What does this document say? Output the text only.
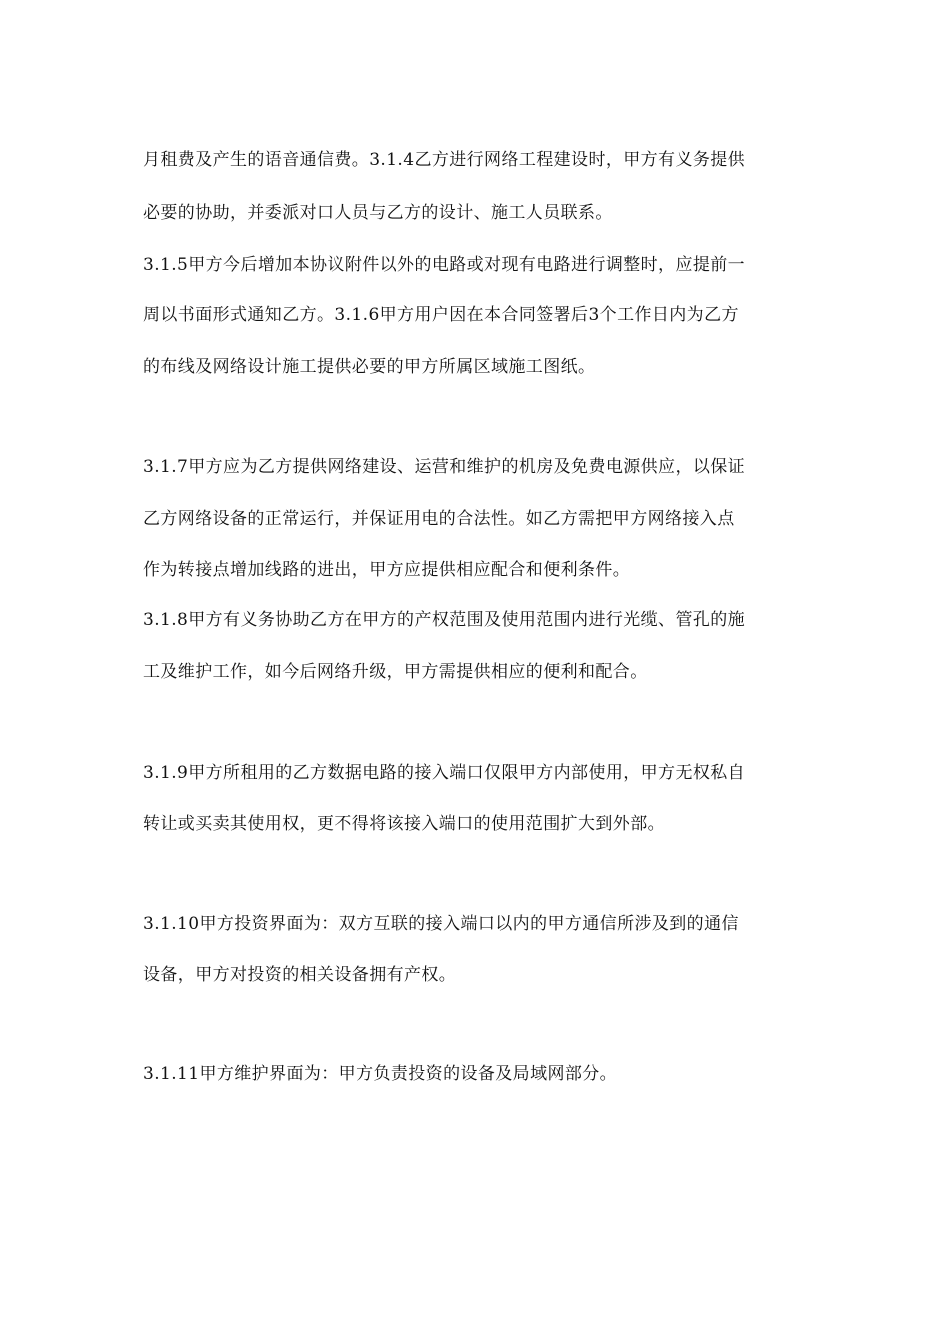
月租费及产生的语音通信费。3.1.4乙方进行网络工程建设时，甲方有义务提供
必要的协助，并委派对口人员与乙方的设计、施工人员联系。
3.1.5甲方今后增加本协议附件以外的电路或对现有电路进行调整时，应提前一
周以书面形式通知乙方。3.1.6甲方用户因在本合同签署后3个工作日内为乙方
的布线及网络设计施工提供必要的甲方所属区域施工图纸。
3.1.7甲方应为乙方提供网络建设、运营和维护的机房及免费电源供应，以保证
乙方网络设备的正常运行，并保证用电的合法性。如乙方需把甲方网络接入点
作为转接点增加线路的进出，甲方应提供相应配合和便利条件。
3.1.8甲方有义务协助乙方在甲方的产权范围及使用范围内进行光缆、管孔的施
工及维护工作，如今后网络升级，甲方需提供相应的便利和配合。
3.1.9甲方所租用的乙方数据电路的接入端口仅限甲方内部使用，甲方无权私自
转让或买卖其使用权，更不得将该接入端口的使用范围扩大到外部。
3.1.10甲方投资界面为：双方互联的接入端口以内的甲方通信所涉及到的通信
设备，甲方对投资的相关设备拥有产权。
3.1.11甲方维护界面为：甲方负责投资的设备及局域网部分。
